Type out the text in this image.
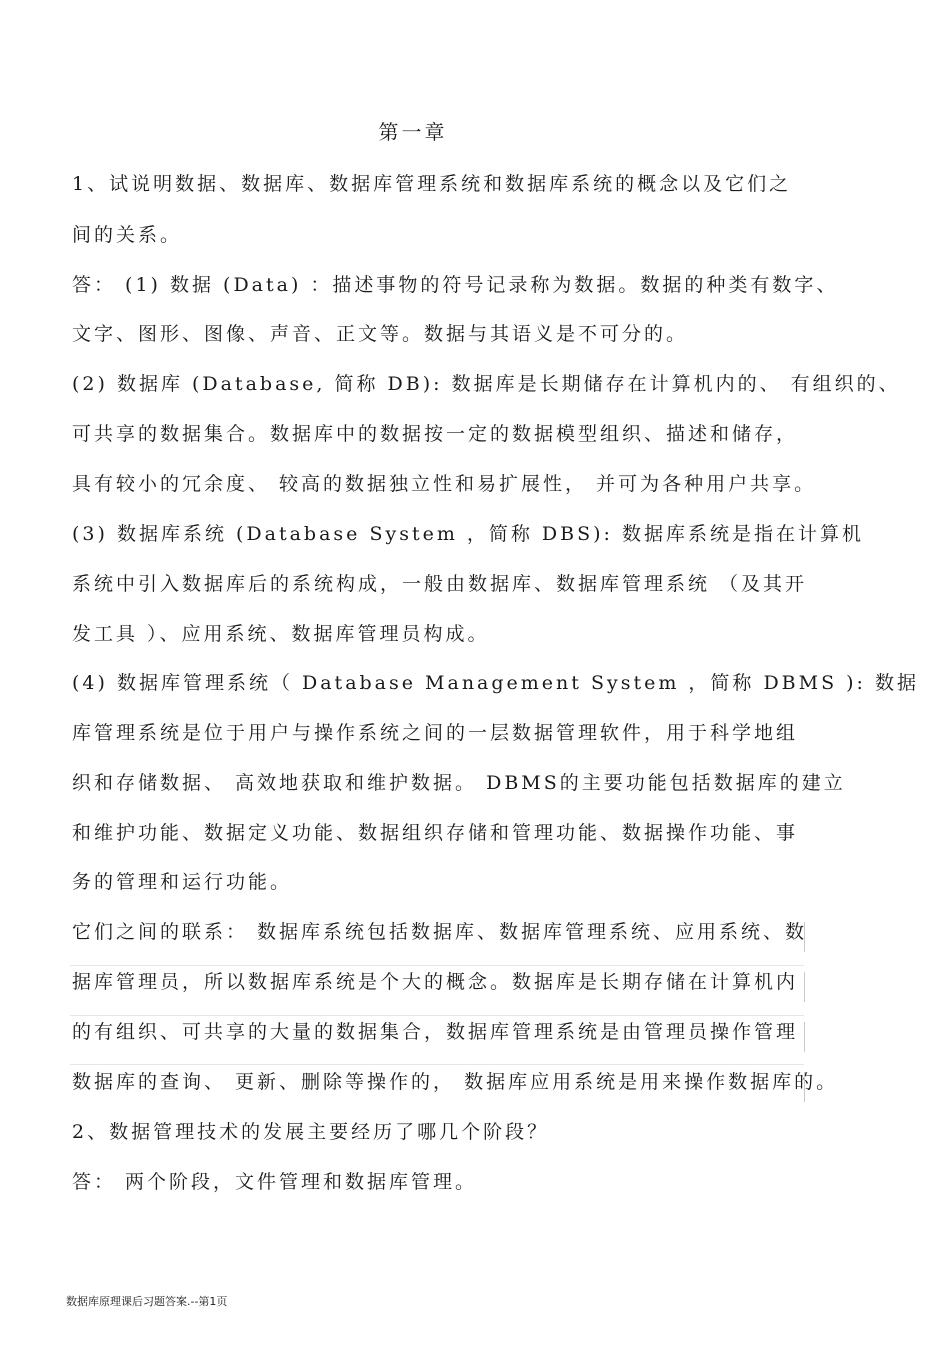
第一章
1、试说明数据、数据库、数据库管理系统和数据库系统的概念以及它们之
间的关系。
答： (1) 数据 (Data) ：描述事物的符号记录称为数据。数据的种类有数字、
文字、图形、图像、声音、正文等。数据与其语义是不可分的。
(2) 数据库 (Database, 简称 DB): 数据库是长期储存在计算机内的、 有组织的、
可共享的数据集合。数据库中的数据按一定的数据模型组织、描述和储存，
具有较小的冗余度、 较高的数据独立性和易扩展性， 并可为各种用户共享。
(3) 数据库系统 (Database System ，简称 DBS): 数据库系统是指在计算机
系统中引入数据库后的系统构成，一般由数据库、数据库管理系统 （及其开
发工具 ）、应用系统、数据库管理员构成。
(4) 数据库管理系统（ Database Management System ，简称 DBMS ): 数据
库管理系统是位于用户与操作系统之间的一层数据管理软件，用于科学地组
织和存储数据、 高效地获取和维护数据。 DBMS的主要功能包括数据库的建立
和维护功能、数据定义功能、数据组织存储和管理功能、数据操作功能、事
务的管理和运行功能。
它们之间的联系： 数据库系统包括数据库、数据库管理系统、应用系统、数
据库管理员，所以数据库系统是个大的概念。数据库是长期存储在计算机内
的有组织、可共享的大量的数据集合，数据库管理系统是由管理员操作管理
数据库的查询、 更新、删除等操作的， 数据库应用系统是用来操作数据库的。
2、数据管理技术的发展主要经历了哪几个阶段？
答： 两个阶段，文件管理和数据库管理。
数据库原理课后习题答案.--第1页
